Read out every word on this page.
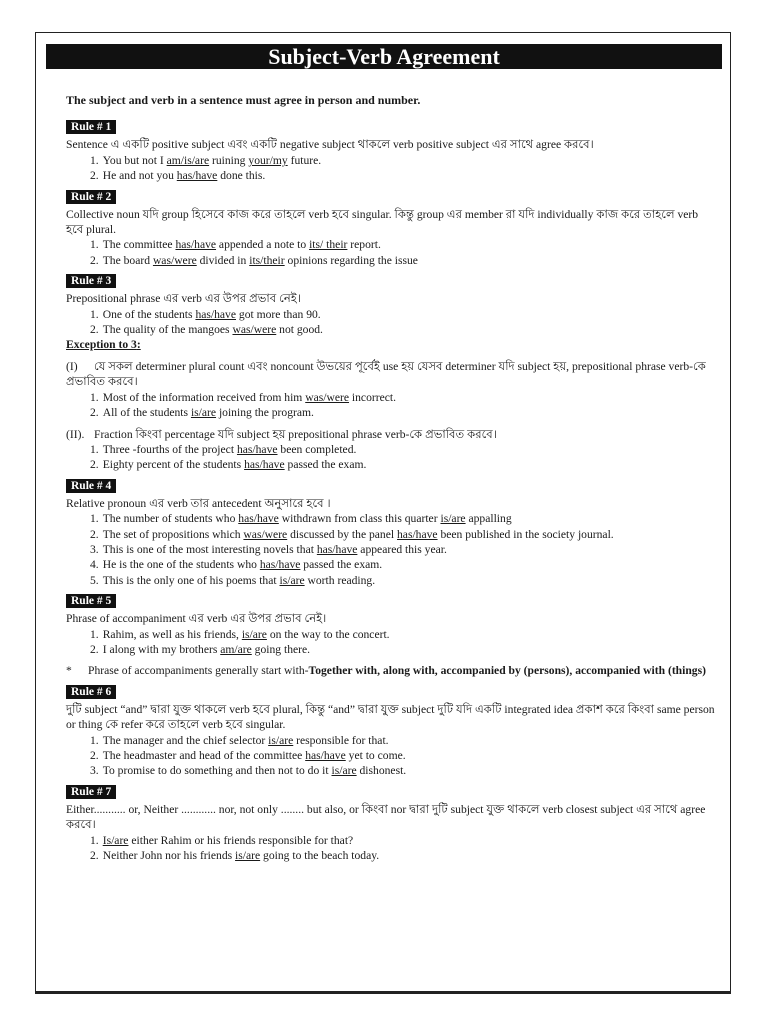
Subject-Verb Agreement

The subject and verb in a sentence must agree in person and number.

Rule # 1

Sentence এ একটি positive subject এবং একটি negative subject থাকলে verb positive subject এর সাথে agree করবে।

1. You but not I am/is/are ruining your/my future.

2. He and not you has/have done this.

Rule # 2

Collective noun যদি group হিসেবে কাজ করে তাহলে verb হবে singular. কিন্তু group এর member রা যদি individually কাজ করে তাহলে verb হবে plural.

1. The committee has/have appended a note to its/ their report.

2. The board was/were divided in its/their opinions regarding the issue

Rule # 3

Prepositional phrase এর verb এর উপর প্রভাব নেই।

1. One of the students has/have got more than 90.

2. The quality of the mangoes was/were not good.

Exception to 3:

(I) যে সকল determiner plural count এবং noncount উভয়ের পূর্বেই use হয় যেসব determiner যদি subject হয়, prepositional phrase verb-কে প্রভাবিত করবে।

1. Most of the information received from him was/were incorrect.

2. All of the students is/are joining the program.

(II). Fraction কিংবা percentage যদি subject হয় prepositional phrase verb-কে প্রভাবিত করবে।

1. Three -fourths of the project has/have been completed.

2. Eighty percent of the students has/have passed the exam.

Rule # 4

Relative pronoun এর verb তার antecedent অনুসারে হবে ।

1. The number of students who has/have withdrawn from class this quarter is/are appalling

2. The set of propositions which was/were discussed by the panel has/have been published in the society journal.

3. This is one of the most interesting novels that has/have appeared this year.

4. He is the one of the students who has/have passed the exam.

5. This is the only one of his poems that is/are worth reading.

Rule # 5

Phrase of accompaniment এর verb এর উপর প্রভাব নেই।

1. Rahim, as well as his friends, is/are on the way to the concert.

2. I along with my brothers am/are going there.

* Phrase of accompaniments generally start with-Together with, along with, accompanied by (persons), accompanied with (things)

Rule # 6

দুটি subject “and” দ্বারা যুক্ত থাকলে verb হবে plural, কিন্তু “and” দ্বারা যুক্ত subject দুটি যদি একটি integrated idea প্রকাশ করে কিংবা same person or thing কে refer করে তাহলে verb হবে singular.

1. The manager and the chief selector is/are responsible for that.

2. The headmaster and head of the committee has/have yet to come.

3. To promise to do something and then not to do it is/are dishonest.

Rule # 7

Either........... or, Neither ............ nor, not only ........ but also, or কিংবা nor দ্বারা দুটি subject যুক্ত থাকলে verb closest subject এর সাথে agree করবে।

1. Is/are either Rahim or his friends responsible for that?

2. Neither John nor his friends is/are going to the beach today.
